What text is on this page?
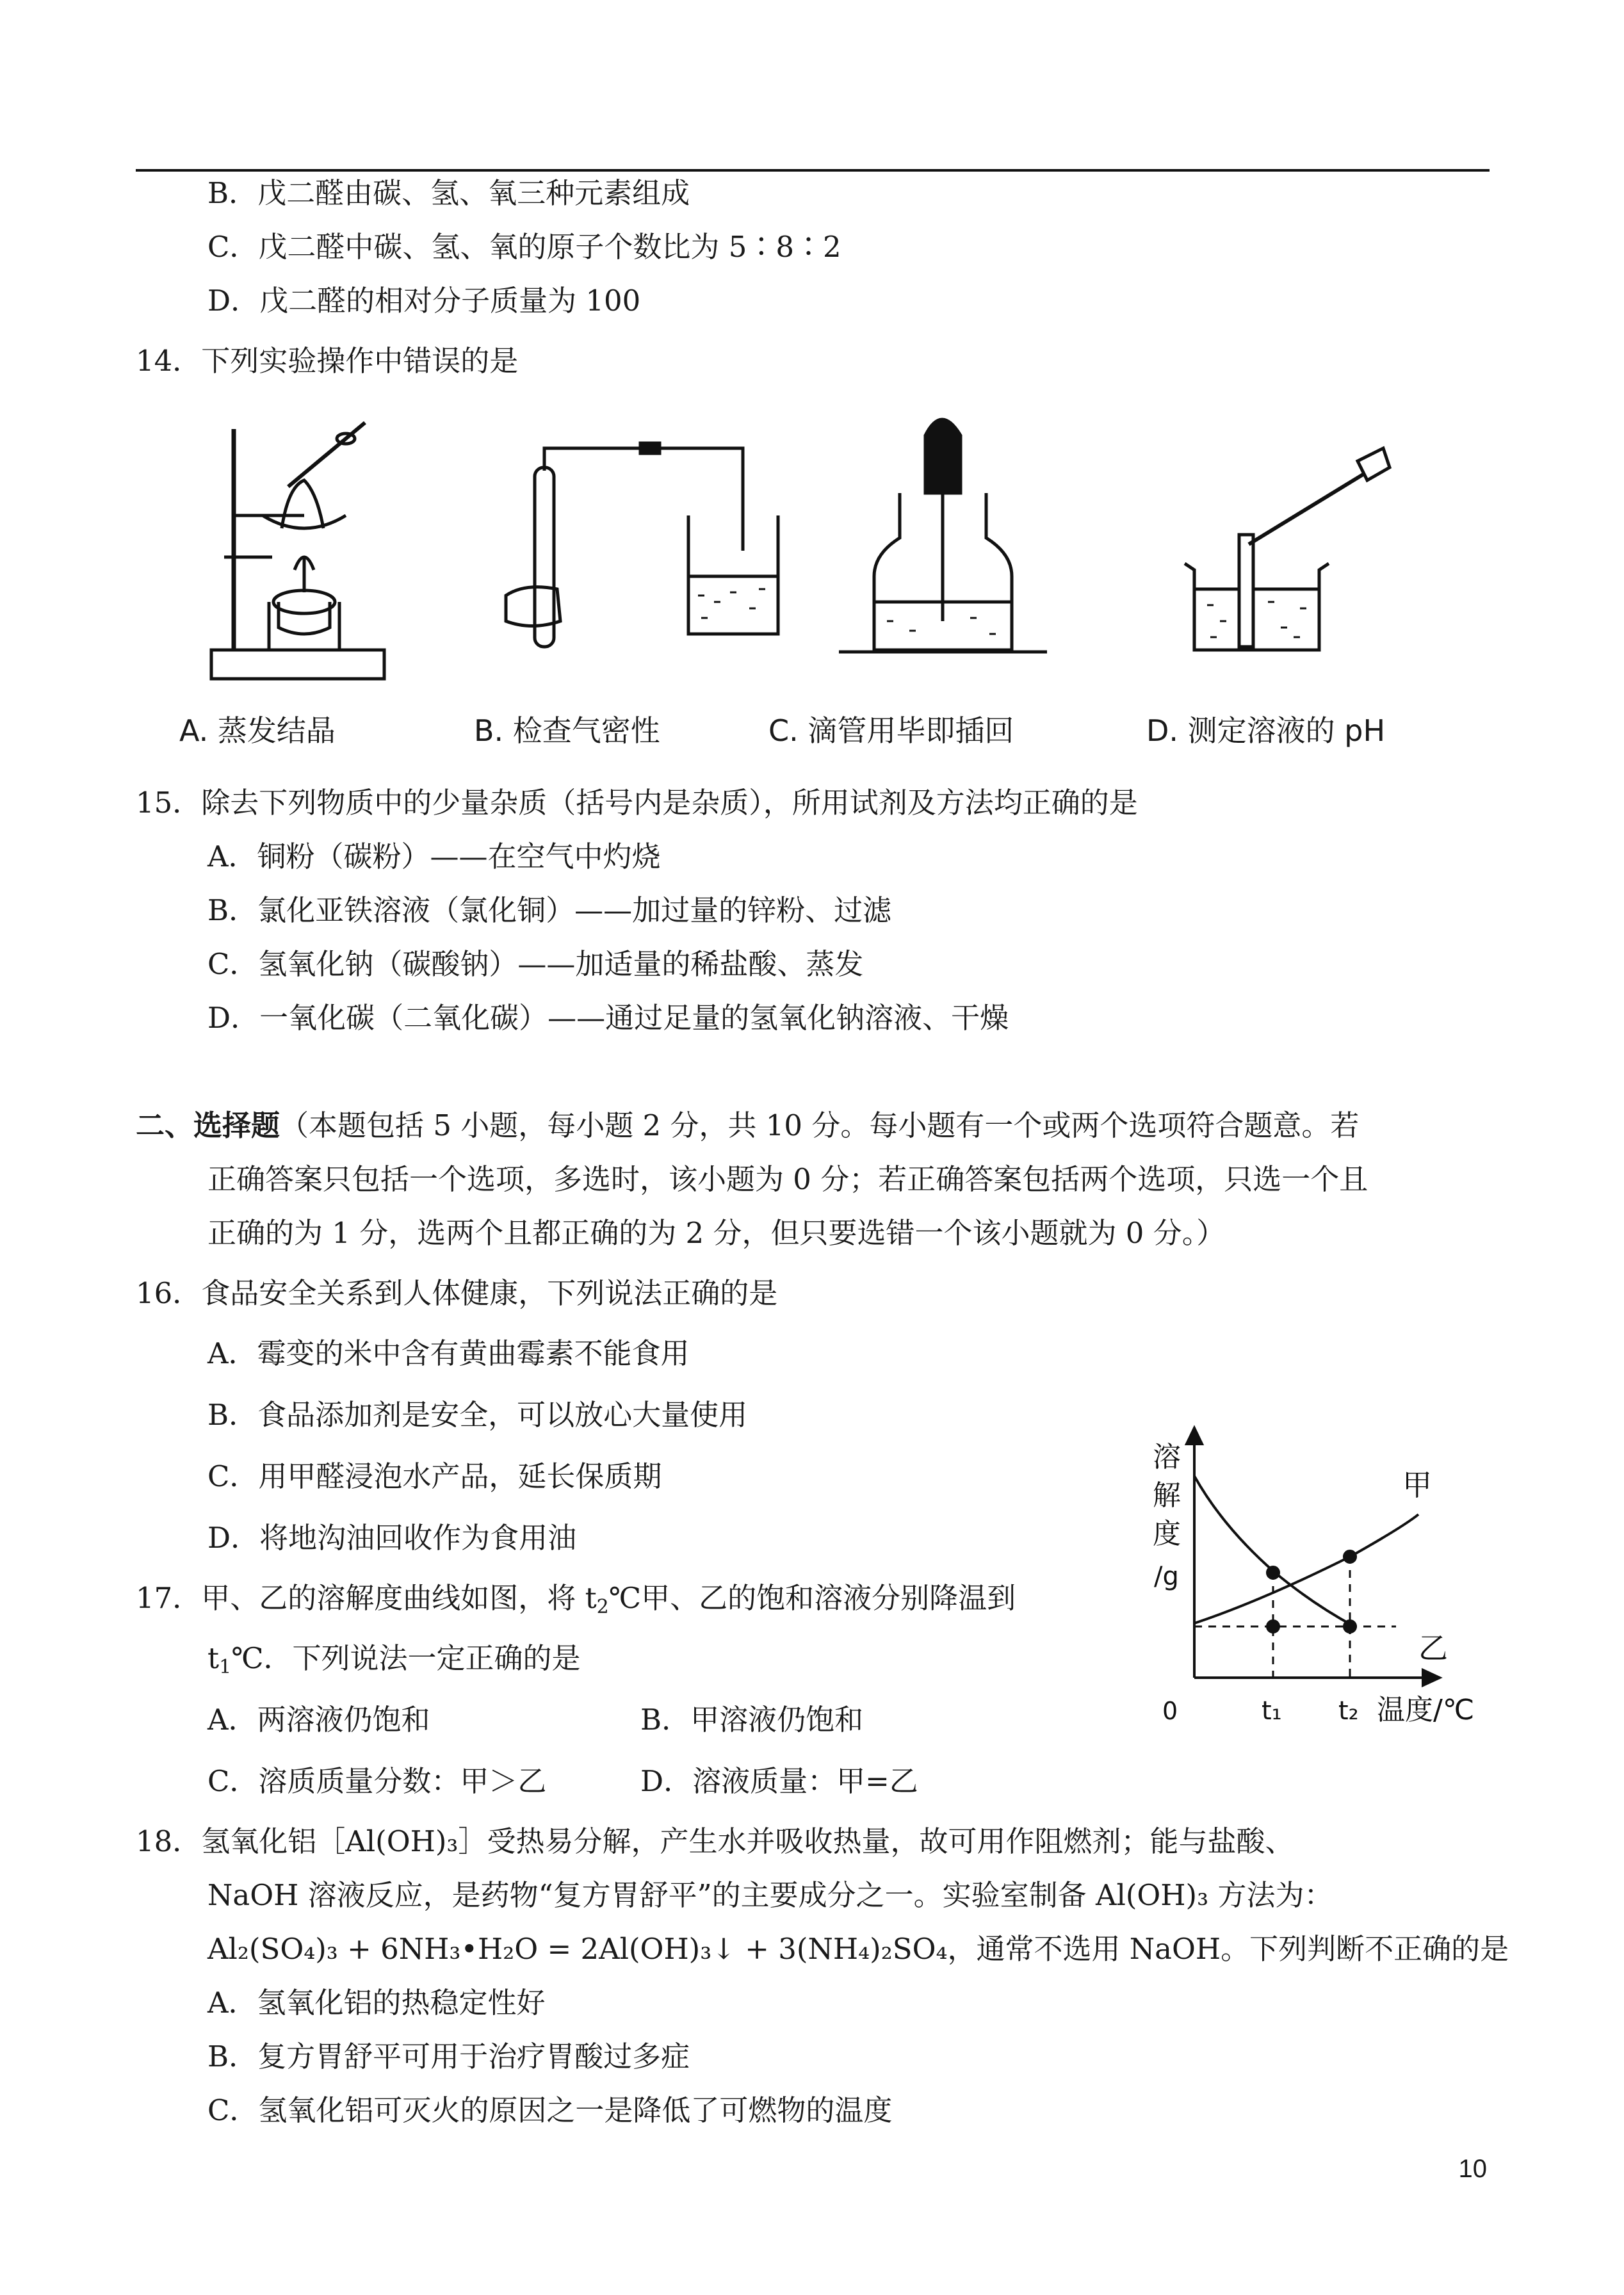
B．戊二醛由碳、氢、氧三种元素组成
C．戊二醛中碳、氢、氧的原子个数比为 5∶8∶2
D．戊二醛的相对分子质量为 100
14．下列实验操作中错误的是
A. 蒸发结晶	B. 检查气密性	C. 滴管用毕即插回	D. 测定溶液的 pH
15．除去下列物质中的少量杂质（括号内是杂质），所用试剂及方法均正确的是
A．铜粉（碳粉）——在空气中灼烧
B．氯化亚铁溶液（氯化铜）——加过量的锌粉、过滤
C．氢氧化钠（碳酸钠）——加适量的稀盐酸、蒸发
D．一氧化碳（二氧化碳）——通过足量的氢氧化钠溶液、干燥
二、选择题（本题包括 5 小题，每小题 2 分，共 10 分。每小题有一个或两个选项符合题意。若
正确答案只包括一个选项，多选时，该小题为 0 分；若正确答案包括两个选项，只选一个且
正确的为 1 分，选两个且都正确的为 2 分，但只要选错一个该小题就为 0 分。）
16．食品安全关系到人体健康，下列说法正确的是
A．霉变的米中含有黄曲霉素不能食用
B．食品添加剂是安全，可以放心大量使用
C．用甲醛浸泡水产品，延长保质期
D．将地沟油回收作为食用油
17．甲、乙的溶解度曲线如图，将 $t_2℃$甲、乙的饱和溶液分别降温到
$t_1℃$．下列说法一定正确的是
A．两溶液仍饱和	B．甲溶液仍饱和
C．溶质质量分数：甲＞乙	D．溶液质量：甲=乙
溶
解
度
/g
0	t₁ t₂ 温度/℃
甲
乙
18．氢氧化铝［Al(OH)₃］受热易分解，产生水并吸收热量，故可用作阻燃剂；能与盐酸、
NaOH 溶液反应，是药物“复方胃舒平”的主要成分之一。实验室制备 Al(OH)₃ 方法为：
Al₂(SO₄)₃ + 6NH₃•H₂O = 2Al(OH)₃↓ + 3(NH₄)₂SO₄，通常不选用 NaOH。下列判断不正确的是
A．氢氧化铝的热稳定性好
B．复方胃舒平可用于治疗胃酸过多症
C．氢氧化铝可灭火的原因之一是降低了可燃物的温度
10
